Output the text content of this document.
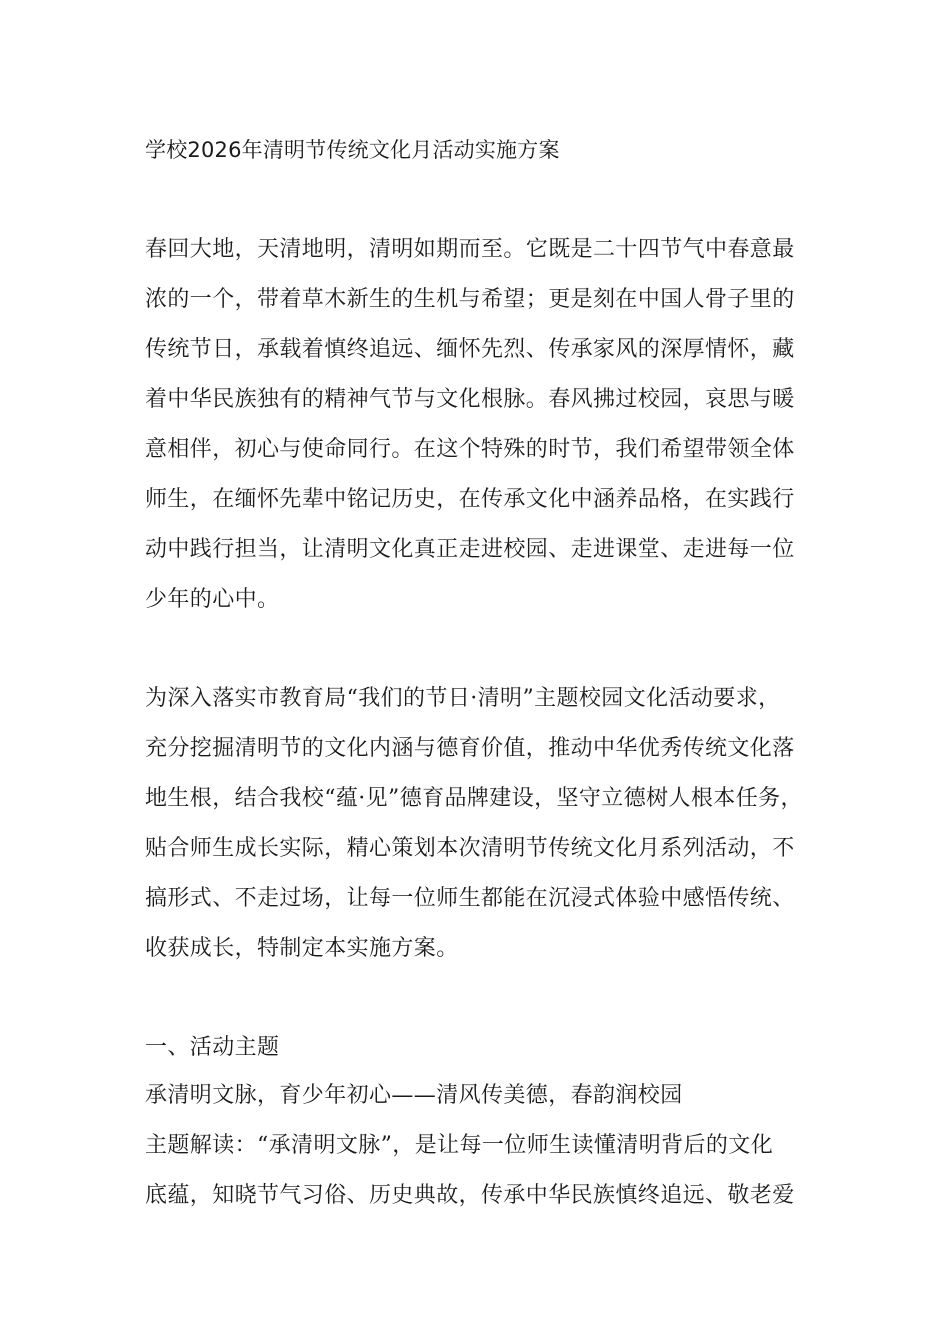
学校2026年清明节传统文化月活动实施方案
春回大地，天清地明，清明如期而至。它既是二十四节气中春意最
浓的一个，带着草木新生的生机与希望；更是刻在中国人骨子里的
传统节日，承载着慎终追远、缅怀先烈、传承家风的深厚情怀，藏
着中华民族独有的精神气节与文化根脉。春风拂过校园，哀思与暖
意相伴，初心与使命同行。在这个特殊的时节，我们希望带领全体
师生，在缅怀先辈中铭记历史，在传承文化中涵养品格，在实践行
动中践行担当，让清明文化真正走进校园、走进课堂、走进每一位
少年的心中。
为深入落实市教育局“我们的节日·清明”主题校园文化活动要求，
充分挖掘清明节的文化内涵与德育价值，推动中华优秀传统文化落
地生根，结合我校“蕴·见”德育品牌建设，坚守立德树人根本任务，
贴合师生成长实际，精心策划本次清明节传统文化月系列活动，不
搞形式、不走过场，让每一位师生都能在沉浸式体验中感悟传统、
收获成长，特制定本实施方案。
一、活动主题
承清明文脉，育少年初心——清风传美德，春韵润校园
主题解读：“承清明文脉”，是让每一位师生读懂清明背后的文化
底蕴，知晓节气习俗、历史典故，传承中华民族慎终追远、敬老爱
